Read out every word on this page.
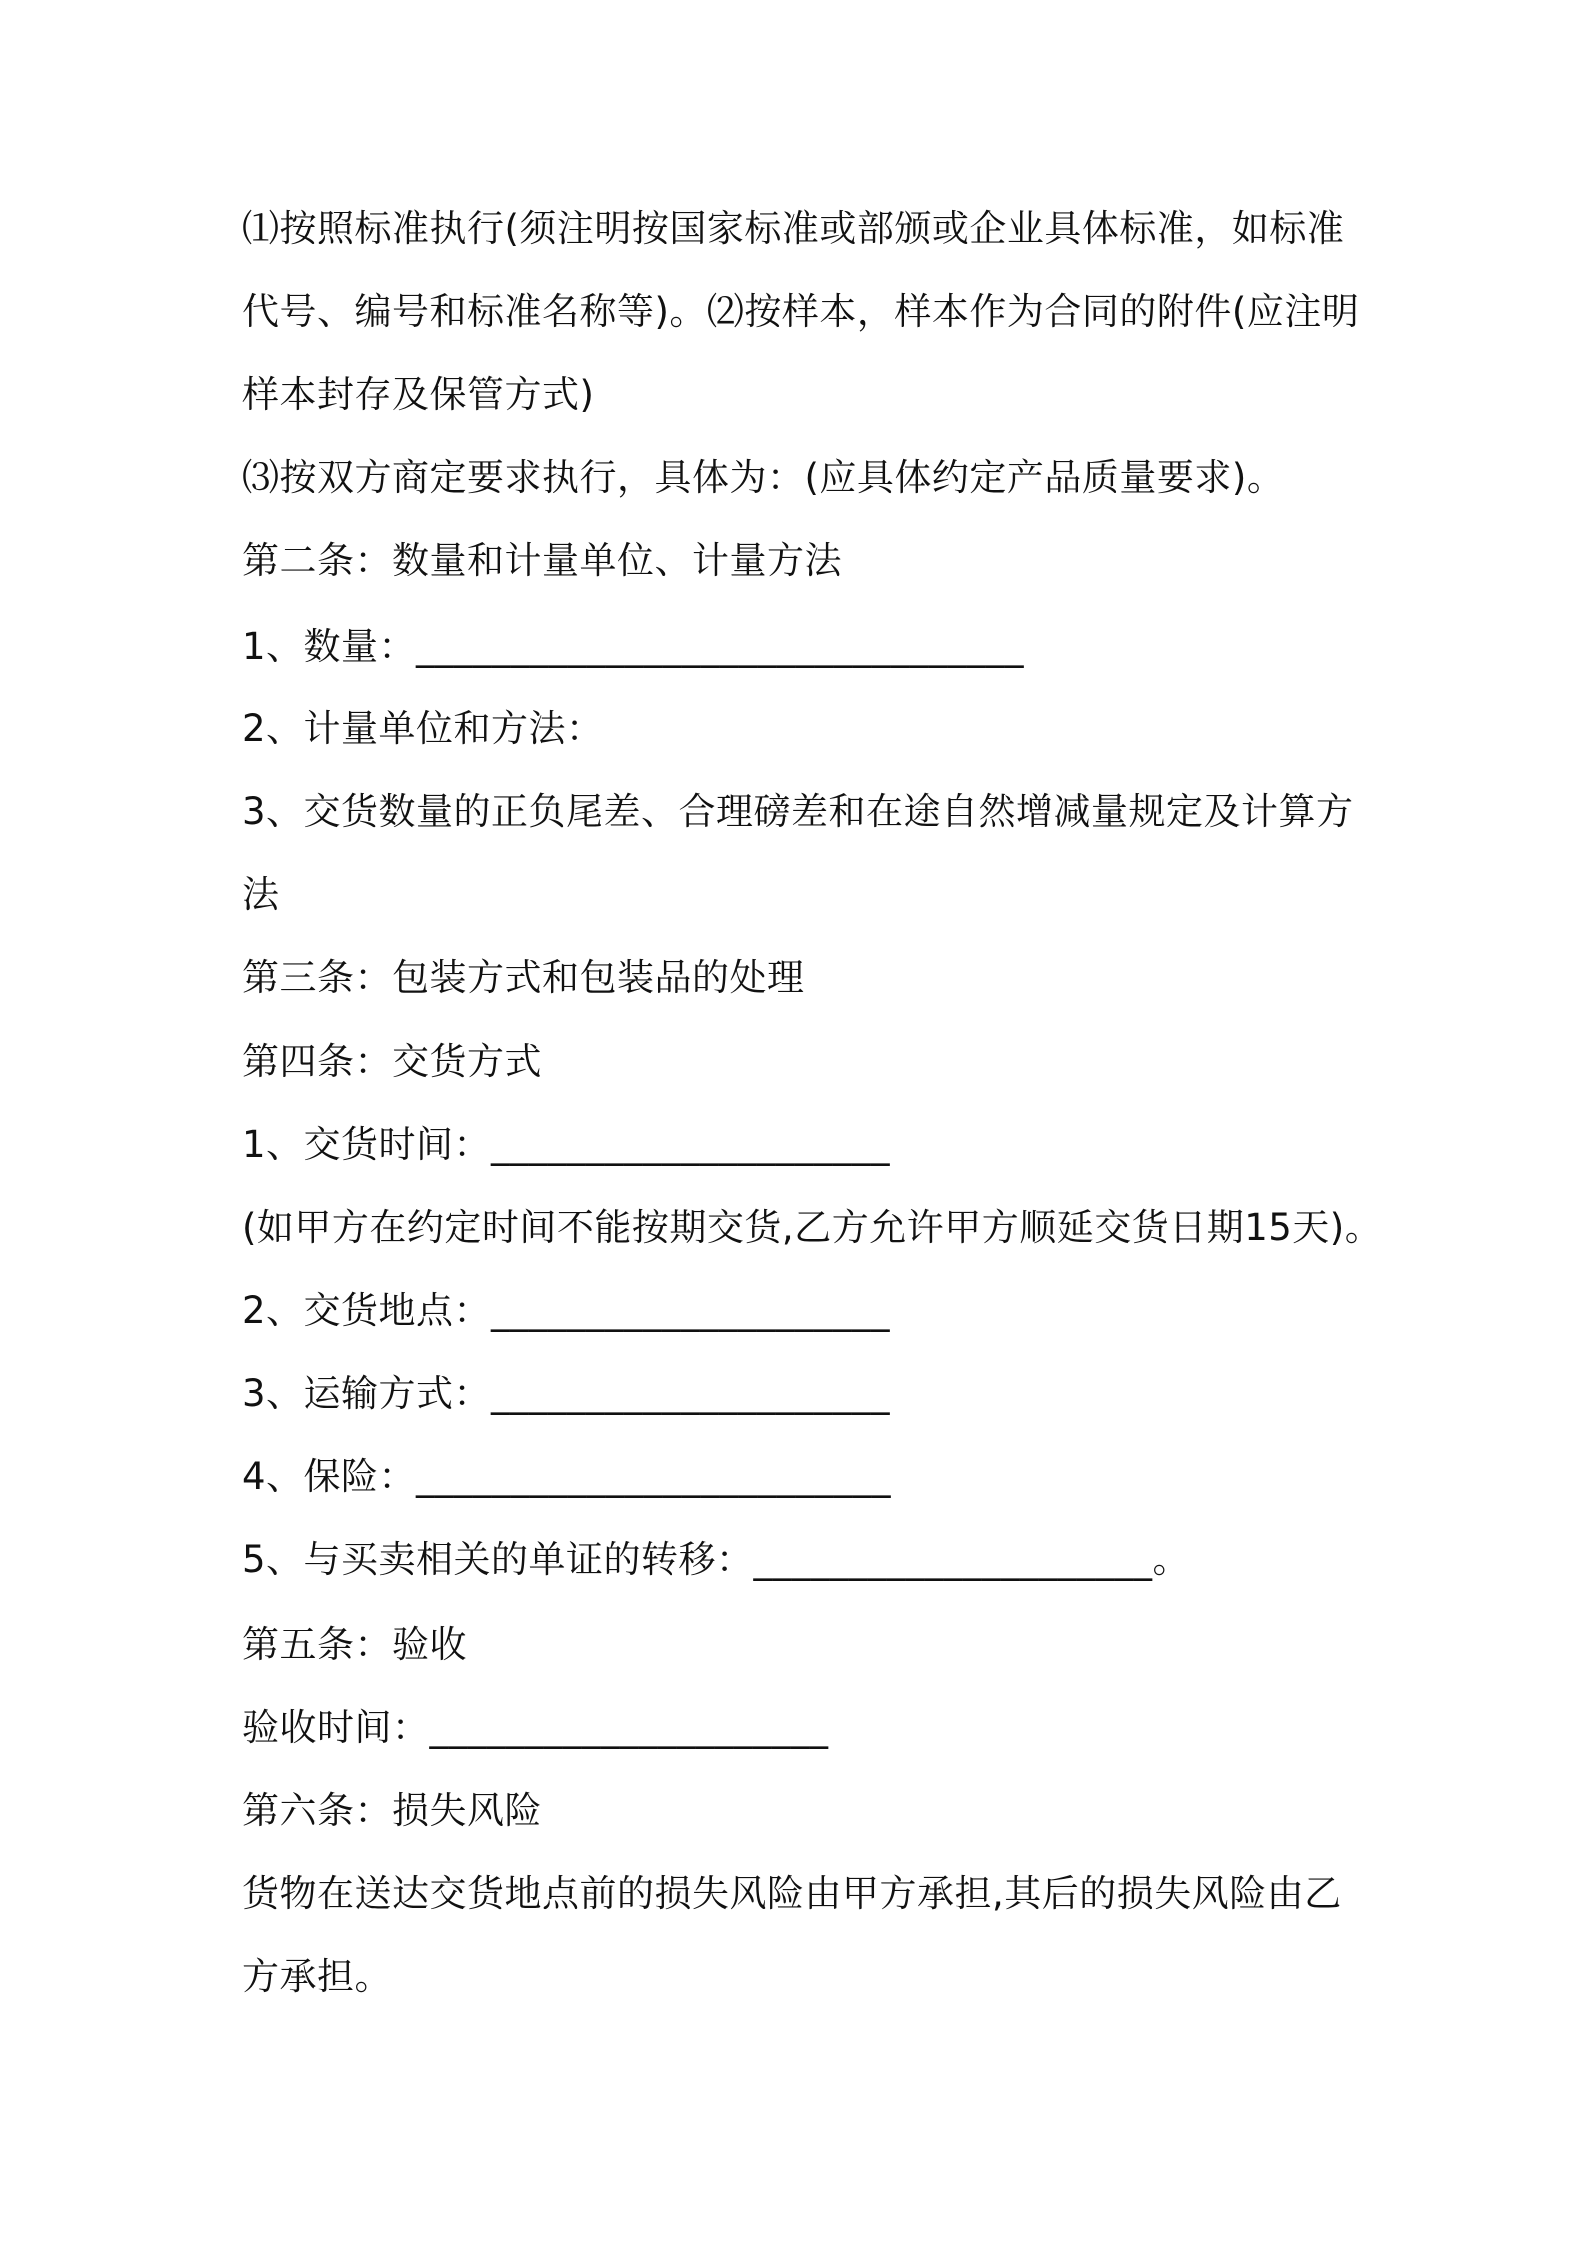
⑴按照标准执行(须注明按国家标准或部颁或企业具体标准，如标准
代号、编号和标准名称等)。⑵按样本，样本作为合同的附件(应注明
样本封存及保管方式)
⑶按双方商定要求执行，具体为：(应具体约定产品质量要求)。
第二条：数量和计量单位、计量方法
1、数量：________________________________
2、计量单位和方法：
3、交货数量的正负尾差、合理磅差和在途自然增减量规定及计算方
法
第三条：包装方式和包装品的处理
第四条：交货方式
1、交货时间：_____________________
(如甲方在约定时间不能按期交货,乙方允许甲方顺延交货日期15天)。
2、交货地点：_____________________
3、运输方式：_____________________
4、保险：_________________________
5、与买卖相关的单证的转移：_____________________。
第五条：验收
验收时间：_____________________
第六条：损失风险
货物在送达交货地点前的损失风险由甲方承担,其后的损失风险由乙
方承担。
